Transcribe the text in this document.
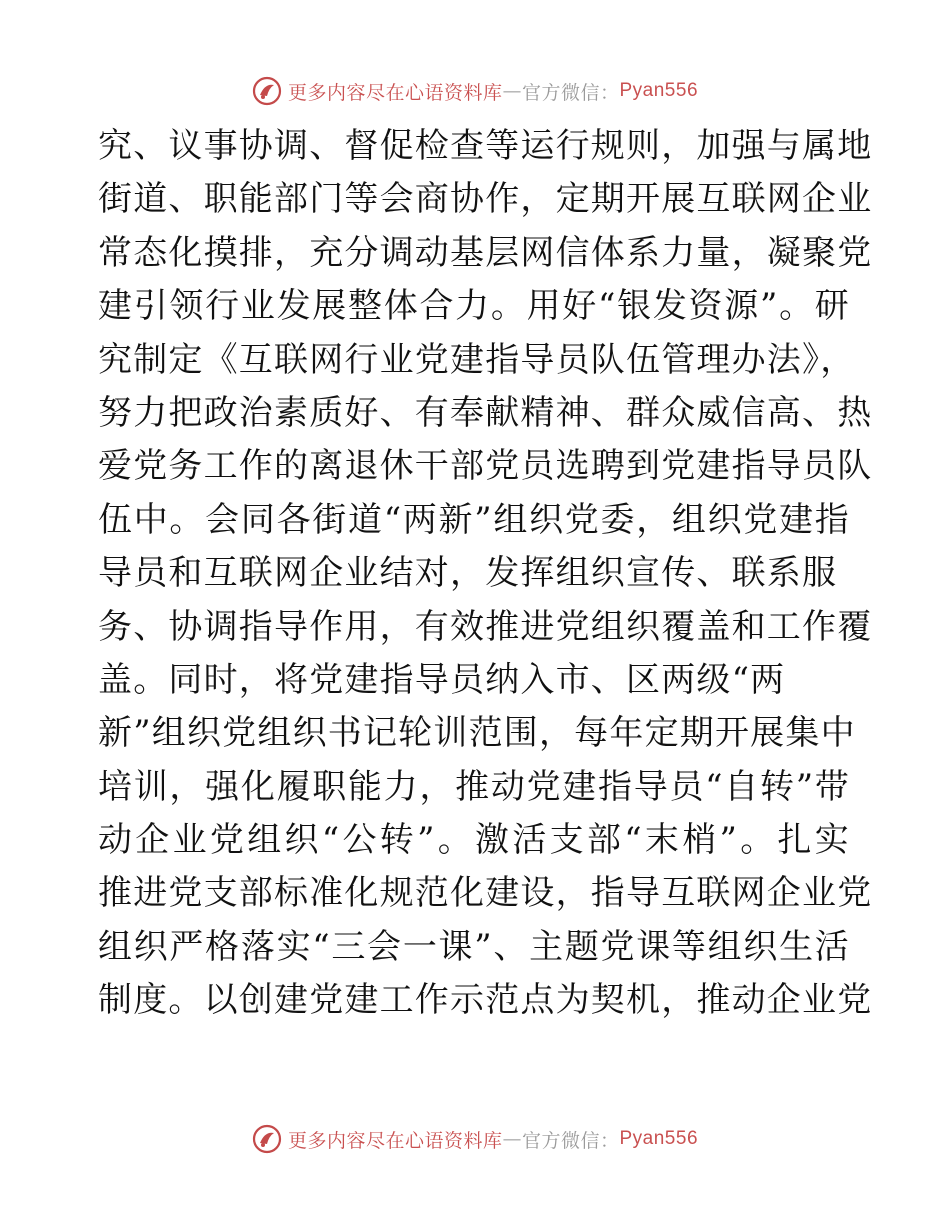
更多内容尽在心语资料库 — 官方微信： Pyan556
究、议事协调、督促检查等运行规则，加强与属地
街道、职能部门等会商协作，定期开展互联网企业
常态化摸排，充分调动基层网信体系力量，凝聚党
建引领行业发展整体合力。用好“银发资源”。研
究制定《互联网行业党建指导员队伍管理办法》，
努力把政治素质好、有奉献精神、群众威信高、热
爱党务工作的离退休干部党员选聘到党建指导员队
伍中。会同各街道“两新”组织党委，组织党建指
导员和互联网企业结对，发挥组织宣传、联系服
务、协调指导作用，有效推进党组织覆盖和工作覆
盖。同时，将党建指导员纳入市、区两级“两
新”组织党组织书记轮训范围，每年定期开展集中
培训，强化履职能力，推动党建指导员“自转”带
动企业党组织“公转”。激活支部“末梢”。扎实
推进党支部标准化规范化建设，指导互联网企业党
组织严格落实“三会一课”、主题党课等组织生活
制度。以创建党建工作示范点为契机，推动企业党
更多内容尽在心语资料库 — 官方微信： Pyan556
